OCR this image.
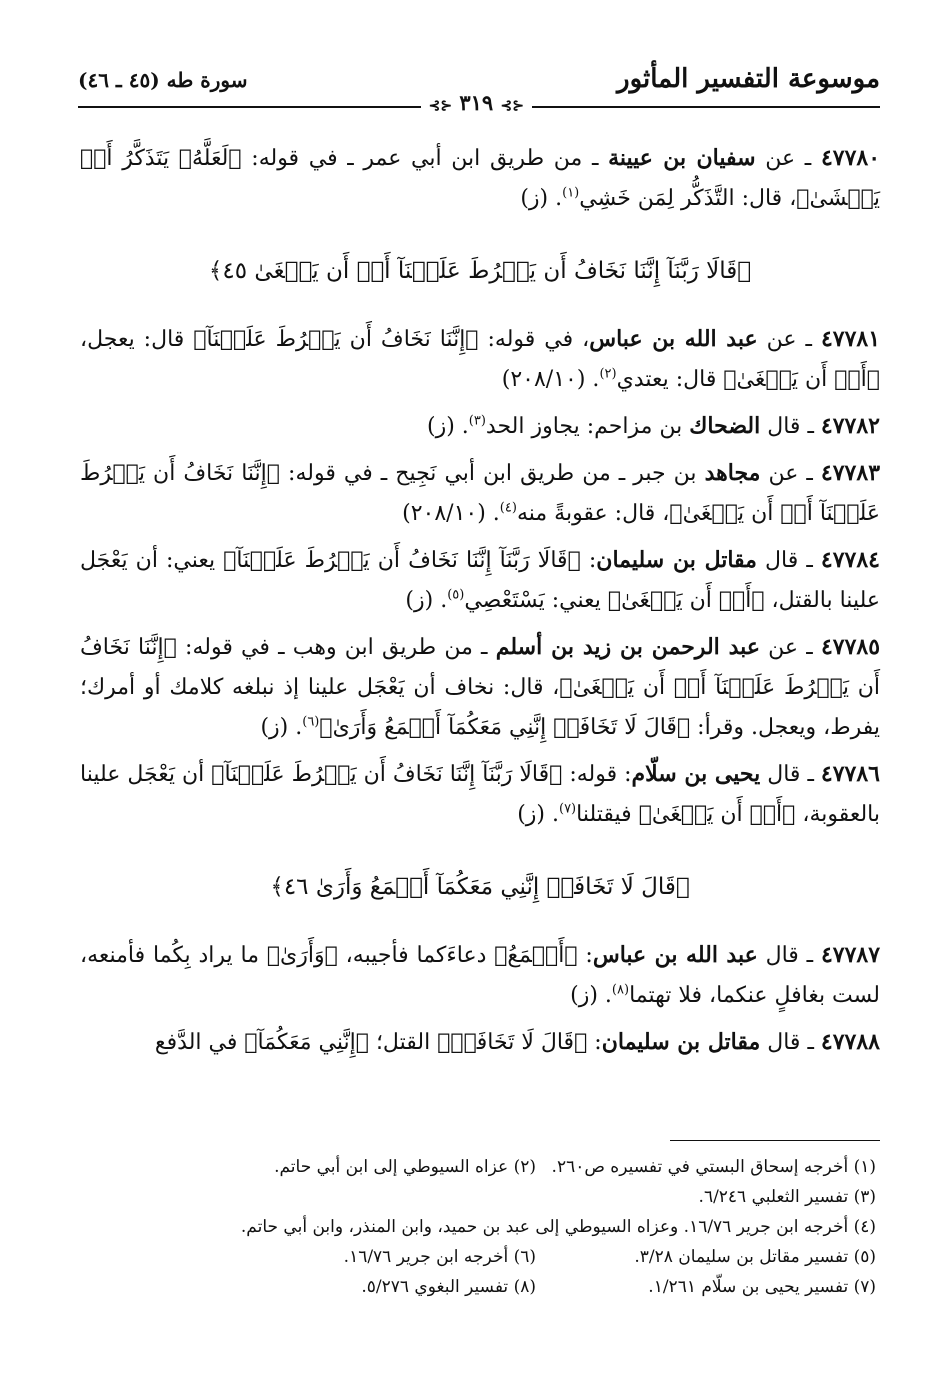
موسوعة التفسير المأثور
سورة طه (٤٥ ـ ٤٦)
⊰⊱ ٣١٩ ⊰⊱

٤٧٧٨٠ ـ عن سفيان بن عيينة ـ من طريق ابن أبي عمر ـ في قوله: ﴿لَعَلَّهُۥ يَتَذَكَّرُ أَوۡ يَخۡشَىٰ﴾، قال: التَّذَكُّر لِمَن خَشِي$^{(١)}$. (ز)

﴿قَالَا رَبَّنَآ إِنَّنَا نَخَافُ أَن يَفۡرُطَ عَلَيۡنَآ أَوۡ أَن يَطۡغَىٰ ٤٥﴾

٤٧٧٨١ ـ عن عبد الله بن عباس، في قوله: ﴿إِنَّنَا نَخَافُ أَن يَفۡرُطَ عَلَيۡنَآ﴾ قال: يعجل، ﴿أَوۡ أَن يَطۡغَىٰ﴾ قال: يعتدي$^{(٢)}$. (٢٠٨/١٠)

٤٧٧٨٢ ـ قال الضحاك بن مزاحم: يجاوز الحد$^{(٣)}$. (ز)

٤٧٧٨٣ ـ عن مجاهد بن جبر ـ من طريق ابن أبي نَجِيح ـ في قوله: ﴿إِنَّنَا نَخَافُ أَن يَفۡرُطَ عَلَيۡنَآ أَوۡ أَن يَطۡغَىٰ﴾، قال: عقوبةً منه$^{(٤)}$. (٢٠٨/١٠)

٤٧٧٨٤ ـ قال مقاتل بن سليمان: ﴿قَالَا رَبَّنَآ إِنَّنَا نَخَافُ أَن يَفۡرُطَ عَلَيۡنَآ﴾ يعني: أن يَعْجَل علينا بالقتل، ﴿أَوۡ أَن يَطۡغَىٰ﴾ يعني: يَسْتَعْصِي$^{(٥)}$. (ز)

٤٧٧٨٥ ـ عن عبد الرحمن بن زيد بن أسلم ـ من طريق ابن وهب ـ في قوله: ﴿إِنَّنَا نَخَافُ أَن يَفۡرُطَ عَلَيۡنَآ أَوۡ أَن يَطۡغَىٰ﴾، قال: نخاف أن يَعْجَل علينا إذ نبلغه كلامك أو أمرك؛ يفرط، ويعجل. وقرأ: ﴿قَالَ لَا تَخَافَآۖ إِنَّنِي مَعَكُمَآ أَسۡمَعُ وَأَرَىٰ﴾$^{(٦)}$. (ز)

٤٧٧٨٦ ـ قال يحيى بن سلّام: قوله: ﴿قَالَا رَبَّنَآ إِنَّنَا نَخَافُ أَن يَفۡرُطَ عَلَيۡنَآ﴾ أن يَعْجَل علينا بالعقوبة، ﴿أَوۡ أَن يَطۡغَىٰ﴾ فيقتلنا$^{(٧)}$. (ز)

﴿قَالَ لَا تَخَافَآۖ إِنَّنِي مَعَكُمَآ أَسۡمَعُ وَأَرَىٰ ٤٦﴾

٤٧٧٨٧ ـ قال عبد الله بن عباس: ﴿أَسۡمَعُ﴾ دعاءَكما فأجيبه، ﴿وَأَرَىٰ﴾ ما يراد بِكُما فأمنعه، لست بغافلٍ عنكما، فلا تهتما$^{(٨)}$. (ز)

٤٧٧٨٨ ـ قال مقاتل بن سليمان: ﴿قَالَ لَا تَخَافَآۖ﴾ القتل؛ ﴿إِنَّنِي مَعَكُمَآ﴾ في الدَّفع

(١) أخرجه إسحاق البستي في تفسيره ص٢٦٠.
(٢) عزاه السيوطي إلى ابن أبي حاتم.
(٣) تفسير الثعلبي ٦/٢٤٦.
(٤) أخرجه ابن جرير ١٦/٧٦. وعزاه السيوطي إلى عبد بن حميد، وابن المنذر، وابن أبي حاتم.
(٥) تفسير مقاتل بن سليمان ٣/٢٨.
(٦) أخرجه ابن جرير ١٦/٧٦.
(٧) تفسير يحيى بن سلّام ١/٢٦١.
(٨) تفسير البغوي ٥/٢٧٦.
